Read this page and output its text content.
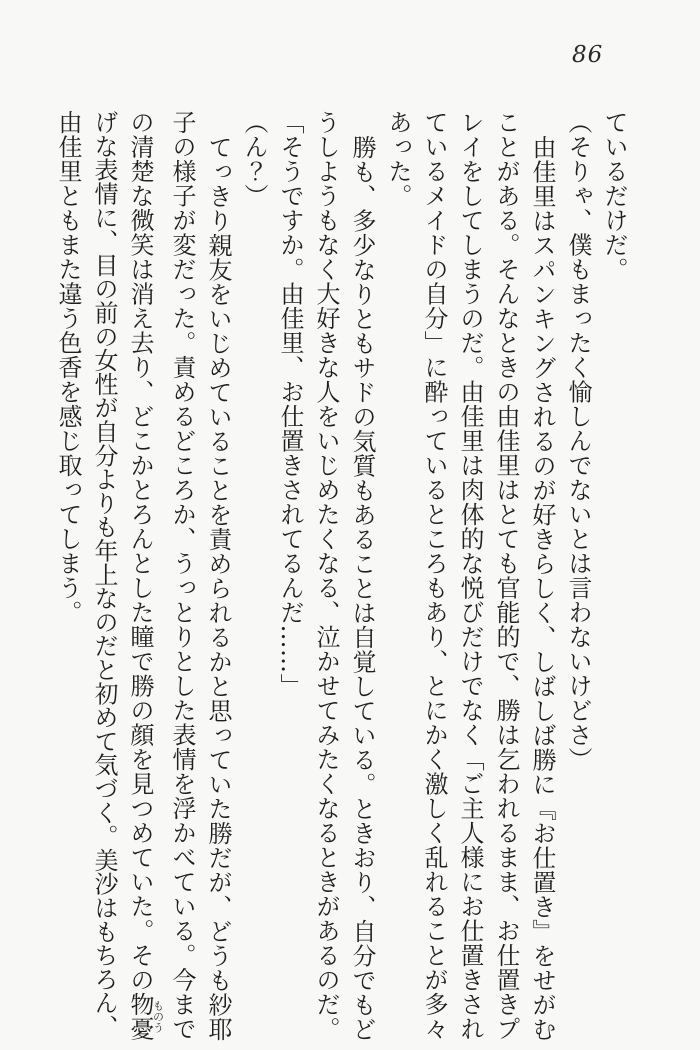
86
ているだけだ。
（そりゃ、僕もまったく愉しんでないとは言わないけどさ）
由佳里はスパンキングされるのが好きらしく、しばしば勝に『お仕置き』をせがむ
ことがある。そんなときの由佳里はとても官能的で、勝は乞われるまま、お仕置きプ
レイをしてしまうのだ。由佳里は肉体的な悦びだけでなく「ご主人様にお仕置きされ
ているメイドの自分」に酔っているところもあり、とにかく激しく乱れることが多々
あった。
勝も、多少なりともサドの気質もあることは自覚している。ときおり、自分でもど
うしようもなく大好きな人をいじめたくなる、泣かせてみたくなるときがあるのだ。
「そうですか。由佳里、お仕置きされてるんだ……」
（ん？）
てっきり親友をいじめていることを責められるかと思っていた勝だが、どうも紗耶
子の様子が変だった。責めるどころか、うっとりとした表情を浮かべている。今まで
の清楚な微笑は消え去り、どこかとろんとした瞳で勝の顔を見つめていた。その物憂ものう
げな表情に、目の前の女性が自分よりも年上なのだと初めて気づく。美沙はもちろん、
由佳里ともまた違う色香を感じ取ってしまう。
